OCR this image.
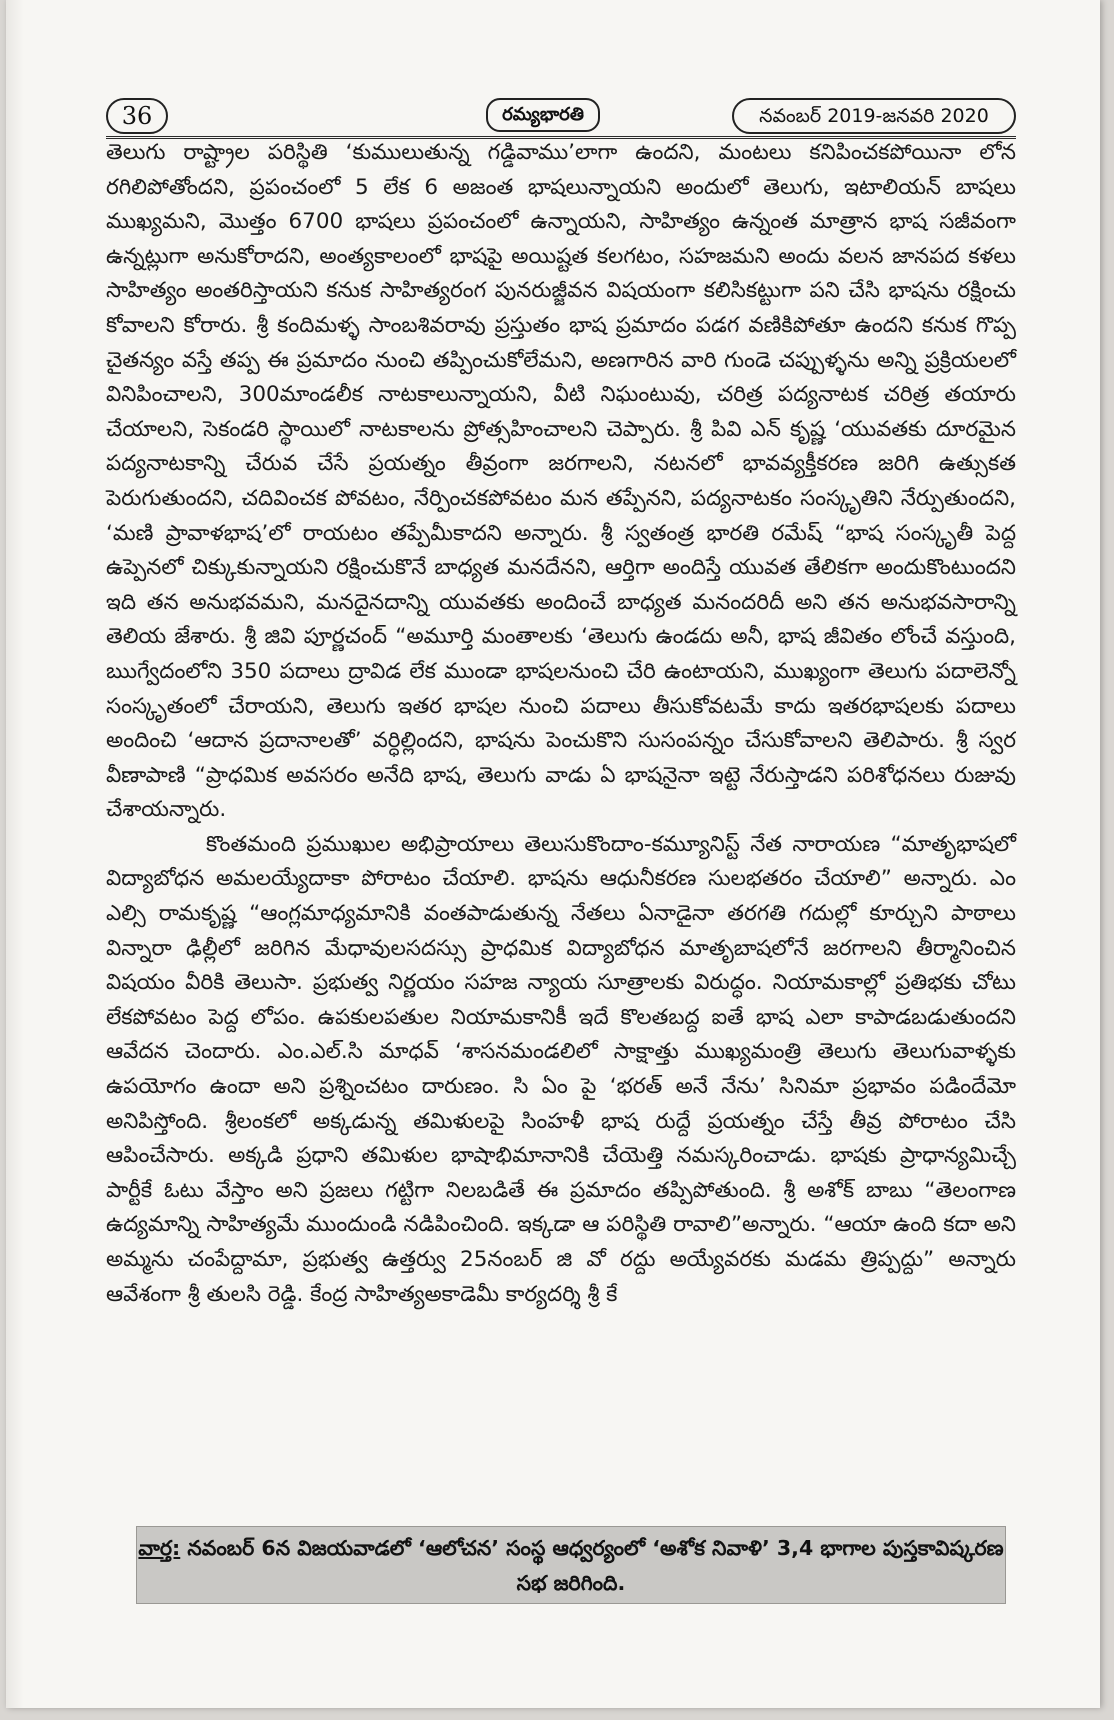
36	రమ్యభారతి	నవంబర్ 2019-జనవరి 2020

తెలుగు రాష్ట్రాల పరిస్థితి ‘కుములుతున్న గడ్డివాము’లాగా ఉందని, మంటలు కనిపించకపోయినా లోన రగిలిపోతోందని, ప్రపంచంలో 5 లేక 6 అజంత భాషలున్నాయని అందులో తెలుగు, ఇటాలియన్ బాషలు ముఖ్యమని, మొత్తం 6700 భాషలు ప్రపంచంలో ఉన్నాయని, సాహిత్యం ఉన్నంత మాత్రాన భాష సజీవంగా ఉన్నట్లుగా అనుకోరాదని, అంత్యకాలంలో భాషపై అయిష్టత కలగటం, సహజమని అందు వలన జానపద కళలు సాహిత్యం అంతరిస్తాయని కనుక సాహిత్యరంగ పునరుజ్జీవన విషయంగా కలిసికట్టుగా పని చేసి భాషను రక్షించు కోవాలని కోరారు. శ్రీ కందిమళ్ళ సాంబశివరావు ప్రస్తుతం భాష ప్రమాదం పడగ వణికిపోతూ ఉందని కనుక గొప్ప చైతన్యం వస్తే తప్ప ఈ ప్రమాదం నుంచి తప్పించుకోలేమని, అణగారిన వారి గుండె చప్పుళ్ళను అన్ని ప్రక్రియలలో వినిపించాలని, 300మాండలీక నాటకాలున్నాయని, వీటి నిఘంటువు, చరిత్ర పద్యనాటక చరిత్ర తయారు చేయాలని, సెకండరి స్థాయిలో నాటకాలను ప్రోత్సహించాలని చెప్పారు. శ్రీ పివి ఎన్ కృష్ణ ‘యువతకు దూరమైన పద్యనాటకాన్ని చేరువ చేసే ప్రయత్నం తీవ్రంగా జరగాలని, నటనలో భావవ్యక్తీకరణ జరిగి ఉత్సుకత పెరుగుతుందని, చదివించక పోవటం, నేర్పించకపోవటం మన తప్పేనని, పద్యనాటకం సంస్కృతిని నేర్పుతుందని, ‘మణి ప్రావాళభాష’లో రాయటం తప్పేమీకాదని అన్నారు. శ్రీ స్వతంత్ర భారతి రమేష్ “భాష సంస్కృతీ పెద్ద ఉప్పెనలో చిక్కుకున్నాయని రక్షించుకొనే బాధ్యత మనదేనని, ఆర్తిగా అందిస్తే యువత తేలికగా అందుకొంటుందని ఇది తన అనుభవమని, మనదైనదాన్ని యువతకు అందించే బాధ్యత మనందరిదీ అని తన అనుభవసారాన్ని తెలియ జేశారు. శ్రీ జివి పూర్ణచంద్ “అమూర్తి మంతాలకు ‘తెలుగు ఉండదు అనీ, భాష జీవితం లోంచే వస్తుంది, ఋగ్వేదంలోని 350 పదాలు ద్రావిడ లేక ముండా భాషలనుంచి చేరి ఉంటాయని, ముఖ్యంగా తెలుగు పదాలెన్నో సంస్కృతంలో చేరాయని, తెలుగు ఇతర భాషల నుంచి పదాలు తీసుకోవటమే కాదు ఇతరభాషలకు పదాలు అందించి ‘ఆదాన ప్రదానాలతో’ వర్ధిల్లిందని, భాషను పెంచుకొని సుసంపన్నం చేసుకోవాలని తెలిపారు. శ్రీ స్వర వీణాపాణి “ప్రాధమిక అవసరం అనేది భాష, తెలుగు వాడు ఏ భాషనైనా ఇట్టె నేరుస్తాడని పరిశోధనలు రుజువు చేశాయన్నారు.

కొంతమంది ప్రముఖుల అభిప్రాయాలు తెలుసుకొందాం-కమ్యూనిస్ట్ నేత నారాయణ “మాతృభాషలో విద్యాబోధన అమలయ్యేదాకా పోరాటం చేయాలి. భాషను ఆధునీకరణ సులభతరం చేయాలి” అన్నారు. ఎం ఎల్సి రామకృష్ణ “ఆంగ్లమాధ్యమానికి వంతపాడుతున్న నేతలు ఏనాడైనా తరగతి గదుల్లో కూర్చుని పాఠాలు విన్నారా ఢిల్లీలో జరిగిన మేధావులసదస్సు ప్రాధమిక విద్యాబోధన మాతృబాషలోనే జరగాలని తీర్మానించిన విషయం వీరికి తెలుసా. ప్రభుత్వ నిర్ణయం సహజ న్యాయ సూత్రాలకు విరుద్ధం. నియామకాల్లో ప్రతిభకు చోటు లేకపోవటం పెద్ద లోపం. ఉపకులపతుల నియామకానికీ ఇదే కొలతబద్ద ఐతే భాష ఎలా కాపాడబడుతుందని ఆవేదన చెందారు. ఎం.ఎల్.సి మాధవ్ ‘శాసనమండలిలో సాక్షాత్తు ముఖ్యమంత్రి తెలుగు తెలుగువాళ్ళకు ఉపయోగం ఉందా అని ప్రశ్నించటం దారుణం. సి ఏం పై ‘భరత్ అనే నేను’ సినిమా ప్రభావం పడిందేమో అనిపిస్తోంది. శ్రీలంకలో అక్కడున్న తమిళులపై సింహళీ భాష రుద్దే ప్రయత్నం చేస్తే తీవ్ర పోరాటం చేసి ఆపించేసారు. అక్కడి ప్రధాని తమిళుల భాషాభిమానానికి చేయెత్తి నమస్కరించాడు. భాషకు ప్రాధాన్యమిచ్చే పార్టీకే ఓటు వేస్తాం అని ప్రజలు గట్టిగా నిలబడితే ఈ ప్రమాదం తప్పిపోతుంది. శ్రీ అశోక్ బాబు “తెలంగాణ ఉద్యమాన్ని సాహిత్యమే ముందుండి నడిపించింది. ఇక్కడా ఆ పరిస్థితి రావాలి”అన్నారు. “ఆయా ఉంది కదా అని అమ్మను చంపేద్దామా, ప్రభుత్వ ఉత్తర్వు 25నంబర్ జి వో రద్దు అయ్యేవరకు మడమ త్రిప్పద్దు” అన్నారు ఆవేశంగా శ్రీ తులసి రెడ్డి. కేంద్ర సాహిత్యఅకాడెమీ కార్యదర్శి శ్రీ కే

వార్త: నవంబర్ 6న విజయవాడలో ‘ఆలోచన’ సంస్థ ఆధ్వర్యంలో ‘అశోక నివాళి’ 3,4 భాగాల పుస్తకావిష్కరణ సభ జరిగింది.
